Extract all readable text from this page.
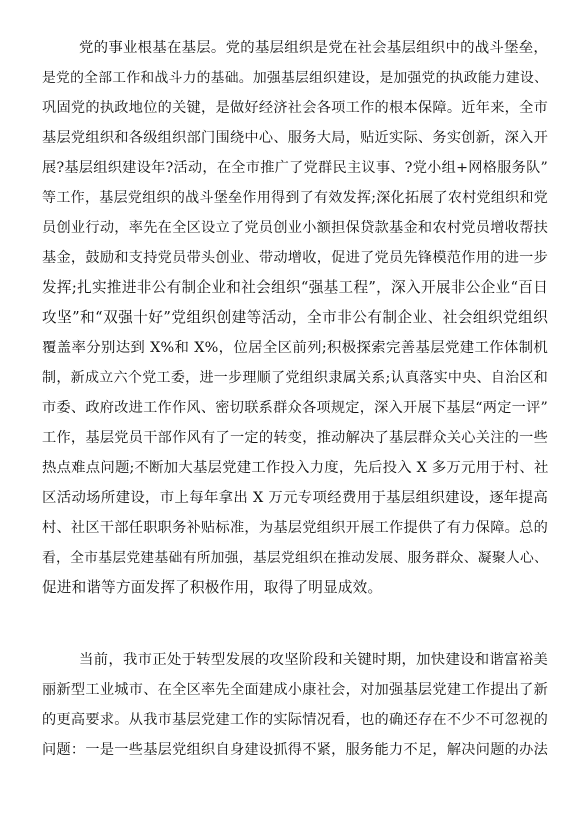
党的事业根基在基层。党的基层组织是党在社会基层组织中的战斗堡垒，
是党的全部工作和战斗力的基础。加强基层组织建设，是加强党的执政能力建设、
巩固党的执政地位的关键，是做好经济社会各项工作的根本保障。近年来，全市
基层党组织和各级组织部门围绕中心、服务大局，贴近实际、务实创新，深入开
展?基层组织建设年?活动，在全市推广了党群民主议事、?党小组+网格服务队”
等工作，基层党组织的战斗堡垒作用得到了有效发挥;深化拓展了农村党组织和党
员创业行动，率先在全区设立了党员创业小额担保贷款基金和农村党员增收帮扶
基金，鼓励和支持党员带头创业、带动增收，促进了党员先锋模范作用的进一步
发挥;扎实推进非公有制企业和社会组织“强基工程”，深入开展非公企业“百日
攻坚”和“双强十好”党组织创建等活动，全市非公有制企业、社会组织党组织
覆盖率分别达到 X%和 X%，位居全区前列;积极探索完善基层党建工作体制机
制，新成立六个党工委，进一步理顺了党组织隶属关系;认真落实中央、自治区和
市委、政府改进工作作风、密切联系群众各项规定，深入开展下基层“两定一评”
工作，基层党员干部作风有了一定的转变，推动解决了基层群众关心关注的一些
热点难点问题;不断加大基层党建工作投入力度，先后投入 X 多万元用于村、社
区活动场所建设，市上每年拿出 X 万元专项经费用于基层组织建设，逐年提高
村、社区干部任职职务补贴标准，为基层党组织开展工作提供了有力保障。总的
看，全市基层党建基础有所加强，基层党组织在推动发展、服务群众、凝聚人心、
促进和谐等方面发挥了积极作用，取得了明显成效。
当前，我市正处于转型发展的攻坚阶段和关键时期，加快建设和谐富裕美
丽新型工业城市、在全区率先全面建成小康社会，对加强基层党建工作提出了新
的更高要求。从我市基层党建工作的实际情况看，也的确还存在不少不可忽视的
问题：一是一些基层党组织自身建设抓得不紧，服务能力不足，解决问题的办法
